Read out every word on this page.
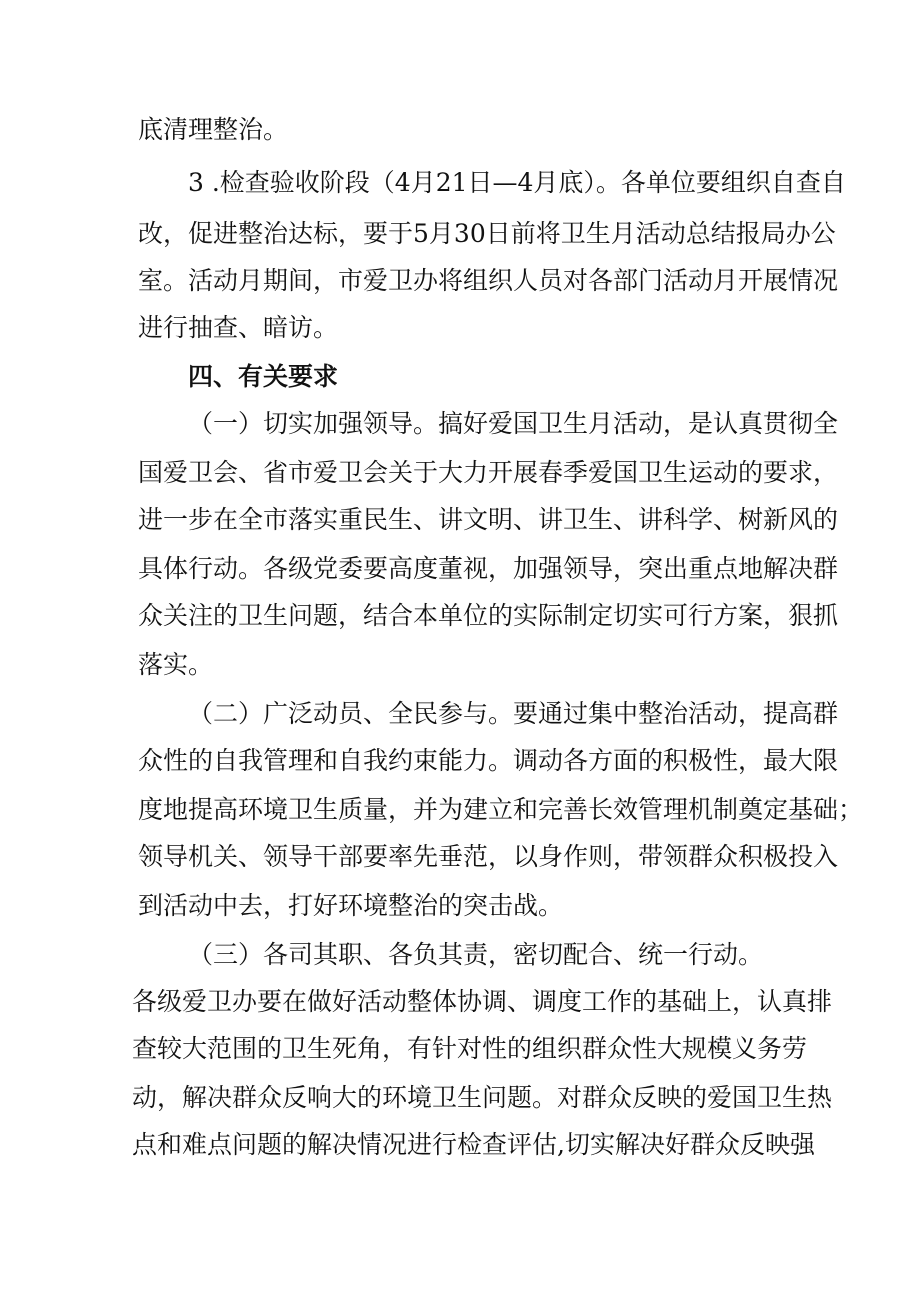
底清理整治。
3 .检查验收阶段（4月21日—4月底）。各单位要组织自查自
改，促进整治达标，要于5月30日前将卫生月活动总结报局办公
室。活动月期间，市爱卫办将组织人员对各部门活动月开展情况
进行抽查、暗访。
四、有关要求
（一）切实加强领导。搞好爱国卫生月活动，是认真贯彻全
国爱卫会、省市爱卫会关于大力开展春季爱国卫生运动的要求，
进一步在全市落实重民生、讲文明、讲卫生、讲科学、树新风的
具体行动。各级党委要高度董视，加强领导，突出重点地解决群
众关注的卫生问题，结合本单位的实际制定切实可行方案，狠抓
落实。
（二）广泛动员、全民参与。要通过集中整治活动，提高群
众性的自我管理和自我约束能力。调动各方面的积极性，最大限
度地提高环境卫生质量，并为建立和完善长效管理机制奠定基础；
领导机关、领导干部要率先垂范，以身作则，带领群众积极投入
到活动中去，打好环境整治的突击战。
（三）各司其职、各负其责，密切配合、统一行动。
各级爱卫办要在做好活动整体协调、调度工作的基础上，认真排
查较大范围的卫生死角，有针对性的组织群众性大规模义务劳
动，解决群众反响大的环境卫生问题。对群众反映的爱国卫生热
点和难点问题的解决情况进行检查评估,切实解决好群众反映强
